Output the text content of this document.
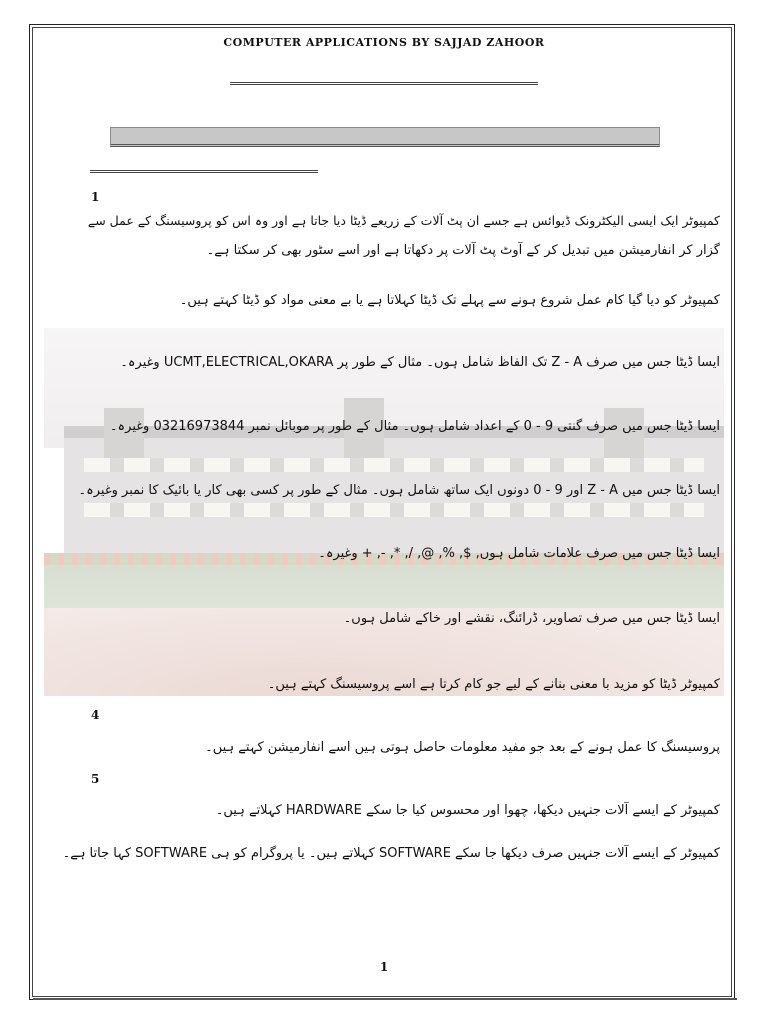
COMPUTER APPLICATIONS BY SAJJAD ZAHOOR
1
کمپیوٹر ایک ایسی الیکٹرونک ڈیوائس ہے جسے ان پٹ آلات کے زریعے ڈیٹا دیا جاتا ہے اور وہ اس کو پروسیسنگ کے عمل سے
گزار کر انفارمیشن میں تبدیل کر کے آوٹ پٹ آلات پر دکھاتا ہے اور اسے سٹور بھی کر سکتا ہے۔
کمپیوٹر کو دیا گیا کام عمل شروع ہونے سے پہلے تک ڈیٹا کہلاتا ہے یا بے معنی مواد کو ڈیٹا کہتے ہیں۔
ایسا ڈیٹا جس میں صرف Z - A تک الفاظ شامل ہوں۔ مثال کے طور پر UCMT,ELECTRICAL,OKARA وغیرہ۔
ایسا ڈیٹا جس میں صرف گنتی 9 - 0 کے اعداد شامل ہوں۔ مثال کے طور پر موبائل نمبر 03216973844 وغیرہ۔
ایسا ڈیٹا جس میں Z - A اور 9 - 0 دونوں ایک ساتھ شامل ہوں۔ مثال کے طور پر کسی بھی کار یا بائیک کا نمبر وغیرہ۔
ایسا ڈیٹا جس میں صرف علامات شامل ہوں, $, %, @, /, *, -, + وغیرہ۔
ایسا ڈیٹا جس میں صرف تصاویر، ڈرائنگ، نقشے اور خاکے شامل ہوں۔
کمپیوٹر ڈیٹا کو مزید با معنی بنانے کے لیے جو کام کرتا ہے اسے پروسیسنگ کہتے ہیں۔
4
پروسیسنگ کا عمل ہونے کے بعد جو مفید معلومات حاصل ہوتی ہیں اسے انفارمیشن کہتے ہیں۔
5
کمپیوٹر کے ایسے آلات جنہیں دیکھا، چھوا اور محسوس کیا جا سکے HARDWARE کہلاتے ہیں۔
کمپیوٹر کے ایسے آلات جنہیں صرف دیکھا جا سکے SOFTWARE کہلاتے ہیں۔ یا پروگرام کو ہی SOFTWARE کہا جاتا ہے۔
1
